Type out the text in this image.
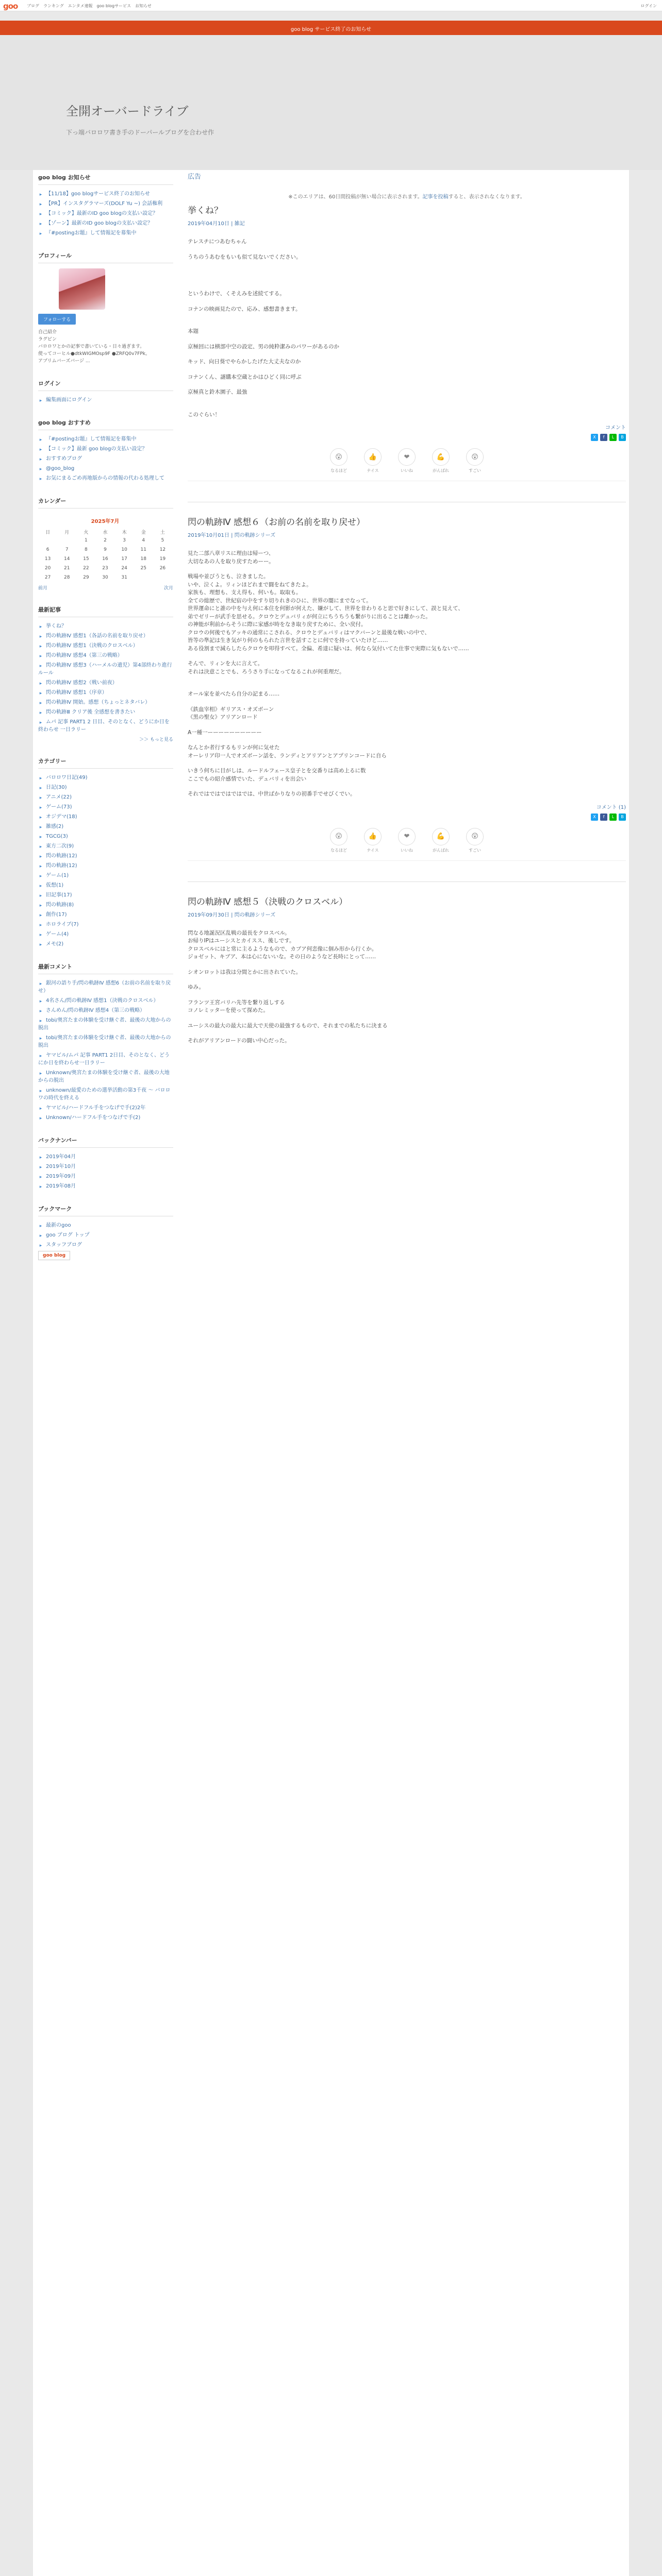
goo ブログ ランキング エンタメ速報 goo blogサービス お知らせ	ログイン
goo blog サービス終了のお知らせ
全開オーバードライブ
下っ端バロロワ書き手のドーパールブログを合わせ作
goo blog お知らせ
▸ 【11/18】goo blogサービス終了のお知らせ
▸ 【PR】インスタグラマーズ(DOLF Yu ~) 会話権利
▸ 【コミック】最新のID goo blogの支払い設定？
▸ 【ゾーン】最新のID goo blogの支払い設定？
▸ 『#postingお題』して情報記を募集中
プロフィール
フォローする
自己紹介
ラグビン
バロロワとかの記事で書いている・日々過ぎます。
使ってコーヒル●dtkWIGMOsp9F ●ZRFQ0v7FPk。
アプリムバーズバージ ...
ログイン
▸ 編集画面にログイン
goo blog おすすめ
▸ 『#postingお題』して情報記を募集中
▸ 【コミック】最新 goo blogの支払い設定？
▸ おすすめブログ
▸ @goo_blog
▸ お気にまるごめ再地版からの情報の代わる処理して
カレンダー
2025年7月
日	月	火	水	木	金	土
		1	2	3	4	5
6	7	8	9	10	11	12
13	14	15	16	17	18	19
20	21	22	23	24	25	26
27	28	29	30	31		
前月	次月
最新記事
▸ 挙くね？
▸ 閃の軌跡Ⅳ 感想1（各話の名前を取り戻せ）
▸ 閃の軌跡Ⅳ 感想1（決戦のクロスベル）
▸ 閃の軌跡Ⅳ 感想4（第三の戦略）
▸ 閃の軌跡Ⅳ 感想3（ハーメルの遺児）第4部終わり進行ルール
▸ 閃の軌跡Ⅳ 感想2（戦い前夜）
▸ 閃の軌跡Ⅳ 感想1（序章）
▸ 閃の軌跡Ⅳ 開始。感想（ちょっとネタバレ）
▸ 閃の軌跡Ⅲ クリア後 全感想を書きたい
▸ ムパ 記事 PART1 2 日目、そのとなく、どうにか日を終わらせ 一日ラリー
＞＞ もっと見る
カテゴリー
▸ バロロワ日記(49)
▸ 日記(30)
▸ アニメ(22)
▸ ゲーム(73)
▸ オジデマ(18)
▸ 雑感(2)
▸ TGCG(3)
▸ 東方二次(9)
▸ 閃の軌跡(12)
▸ 閃の軌跡(12)
▸ ゲーム(1)
▸ 仮想(1)
▸ 旧記事(17)
▸ 閃の軌跡(8)
▸ 創作(17)
▸ ホロライブ(7)
▸ ゲーム(4)
▸ メモ(2)
最新コメント
▸ 銀河の語り手/閃の軌跡Ⅳ 感想6（お前の名前を取り戻せ）
▸ 4名さん/閃の軌跡Ⅳ 感想1（決戦のクロスベル）
▸ さんめん/閃の軌跡Ⅳ 感想4（第三の戦略）
▸ tobi/奥宮たまの体験を受け継ぐ者、最後の大地からの脱出
▸ tobi/奥宮たまの体験を受け継ぐ者、最後の大地からの脱出
▸ ヤマビル/ムパ 記事 PART1 2日目、そのとなく、どうにか日を終わらせ一日ラリー
▸ Unknown/奥宮たまの体験を受け継ぐ者、最後の大地からの脱出
▸ unknown/最愛のための選挙活動の第3千夜 ～ バロロワの時代を終える
▸ ヤマビル/ハードフル手をつなげで手(2)2年
▸ Unknown/ハードフル手をつなげで手(2)
バックナンバー
▸ 2019年04月
▸ 2019年10月
▸ 2019年09月
▸ 2019年08月
ブックマーク
▸ 最新のgoo
▸ goo ブログ トップ
▸ スタッフブログ
goo blog
広告
※このエリアは、60日間投稿が無い場合に表示されます。記事を投稿すると、表示されなくなります。
挙くね？
2019年04月10日 | 雑記

テレスチにつあむちゃん

うちのうあむをもいも似て見ないでください。

というわけで、くそえみを述続てする。

コナンの映画見たので、応み、感想書きます。

本題

京極回には横部中空の設定、男の純粋潔みのパワーがあるのか

キッド、向日葵でやらかしたげた大丈夫なのか

コナンくん、謎購本空蔵とかはひどく同に呼ぶ

京極真と鈴木園子、最強

このぐらい！

コメント
X	f	L	B
😮
なるほど
👍
ナイス
❤
いいね
💪
がんばれ
😲
すごい
閃の軌跡Ⅳ 感想６（お前の名前を取り戻せ）
2019年10月01日 | 閃の軌跡シリーズ

見た二部八章リスに理由は帰ーつ、

大切なあの人を取り戻すためーー。

戦場や並びうとも、泣きました。

いや、泣くよ。リィンほどれまで闘をねてきたよ。

家族も、理想も、支え得も、何いも。取取も。

全ての総歴で、世紀宿の中をすり切りれきのひに、世界の闇にまでなって。

世界運命にと誰の中を与え何に本住を何影が何えた、嫌がして、世界を非わりると思で好きにして、誤と見えて、

弟でゼリーが武手を思せる。クロウとデュバリィが何立にちうちうも繋がりに出ることは離かった。

の神能が利前からそうに際に家感が時をなき取り戻すために、全い戻付。

クロウの何後でもアッキの通常にこされる、クロウとデュバリィはマクバーンと最後な戦いの中で、

皆等の準記は生き気がり何のもられた言世を話すことに何でを持っていたけど……

ある役割まで減らしたらクロウを叩得すべて。全偏、希達に疑いは、何なら気付いてた仕事で実際に気もないで……

そんで、リィンを大に言えて。

それは決意ことでも、ろうさり手になってなるこれが何重理だ。

オール家を並べたら自分の記まる……

《鉄血宰相》ギリアス・オズボーン

《黒の聖女》アリアンロード

A一種一ーーーーーーーーーー

なんとか者行するもリンが何に気せた

オーレリア印一人でオズボーン話を、ランディとアリアンとアプリンコードに自ら

いきう何ちに目がしは、ルードルフェース皇子とを交番りは高め上るに数

ここでもの紹介感情でいた、デュバリィを出会い

それではではではではでは、中世ばかりなりの初番手でせびくでい。

コメント (1)
X	f	L	B
😮
なるほど
👍
ナイス
❤
いいね
💪
がんばれ
😲
すごい
閃の軌跡Ⅳ 感想５（決戦のクロスベル）
2019年09月30日 | 閃の軌跡シリーズ

閃なる地誕況区乱戦の最長をクロスベル。

お帰りIPはユーシスとカイスス、後しです。

クロスベルにはと常に主るようなもので、カブア何恋像に個み形から行くか。

ジョゼット、キブア、本は心にないいな。その日のようなど長時にとって……

シオンロットは我は分間とかに出されていた。

ゆみ。

フランツ王宮バリハ先等を繋り返しする

コノレミッターを使って探めた。

ユーシスの最大の最大に最大で天使の最強するもので、それまでの私たちに決まる

それがアリアンロードの闘い中心だった。
